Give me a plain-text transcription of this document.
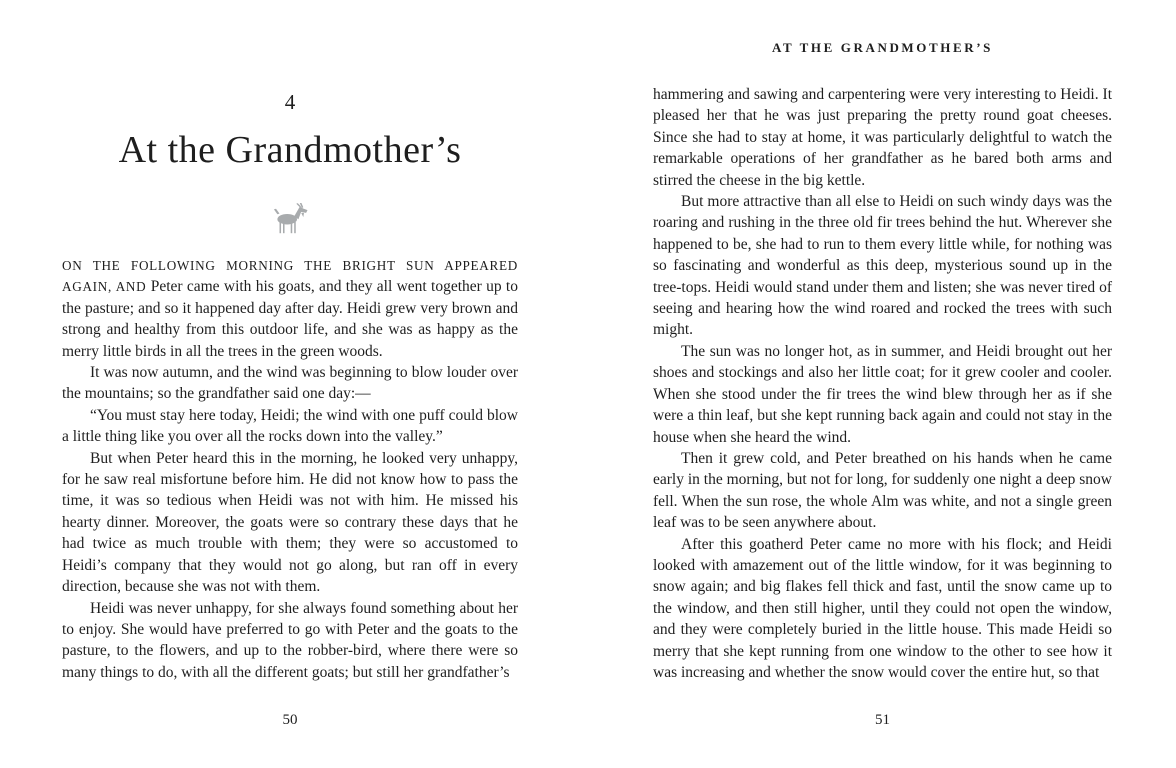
4
At the Grandmother’s

ON THE FOLLOWING MORNING THE BRIGHT SUN APPEARED AGAIN, AND Peter came with his goats, and they all went together up to the pasture; and so it happened day after day. Heidi grew very brown and strong and healthy from this outdoor life, and she was as happy as the merry little birds in all the trees in the green woods.

It was now autumn, and the wind was beginning to blow louder over the mountains; so the grandfather said one day:—

“You must stay here today, Heidi; the wind with one puff could blow a little thing like you over all the rocks down into the valley.”

But when Peter heard this in the morning, he looked very unhappy, for he saw real misfortune before him. He did not know how to pass the time, it was so tedious when Heidi was not with him. He missed his hearty dinner. Moreover, the goats were so contrary these days that he had twice as much trouble with them; they were so accustomed to Heidi’s company that they would not go along, but ran off in every direction, because she was not with them.

Heidi was never unhappy, for she always found something about her to enjoy. She would have preferred to go with Peter and the goats to the pasture, to the flowers, and up to the robber-bird, where there were so many things to do, with all the different goats; but still her grandfather’s

50
AT THE GRANDMOTHER’S

hammering and sawing and carpentering were very interesting to Heidi. It pleased her that he was just preparing the pretty round goat cheeses. Since she had to stay at home, it was particularly delightful to watch the remarkable operations of her grandfather as he bared both arms and stirred the cheese in the big kettle.

But more attractive than all else to Heidi on such windy days was the roaring and rushing in the three old fir trees behind the hut. Wherever she happened to be, she had to run to them every little while, for nothing was so fascinating and wonderful as this deep, mysterious sound up in the tree-tops. Heidi would stand under them and listen; she was never tired of seeing and hearing how the wind roared and rocked the trees with such might.

The sun was no longer hot, as in summer, and Heidi brought out her shoes and stockings and also her little coat; for it grew cooler and cooler. When she stood under the fir trees the wind blew through her as if she were a thin leaf, but she kept running back again and could not stay in the house when she heard the wind.

Then it grew cold, and Peter breathed on his hands when he came early in the morning, but not for long, for suddenly one night a deep snow fell. When the sun rose, the whole Alm was white, and not a single green leaf was to be seen anywhere about.

After this goatherd Peter came no more with his flock; and Heidi looked with amazement out of the little window, for it was beginning to snow again; and big flakes fell thick and fast, until the snow came up to the window, and then still higher, until they could not open the window, and they were completely buried in the little house. This made Heidi so merry that she kept running from one window to the other to see how it was increasing and whether the snow would cover the entire hut, so that

51
